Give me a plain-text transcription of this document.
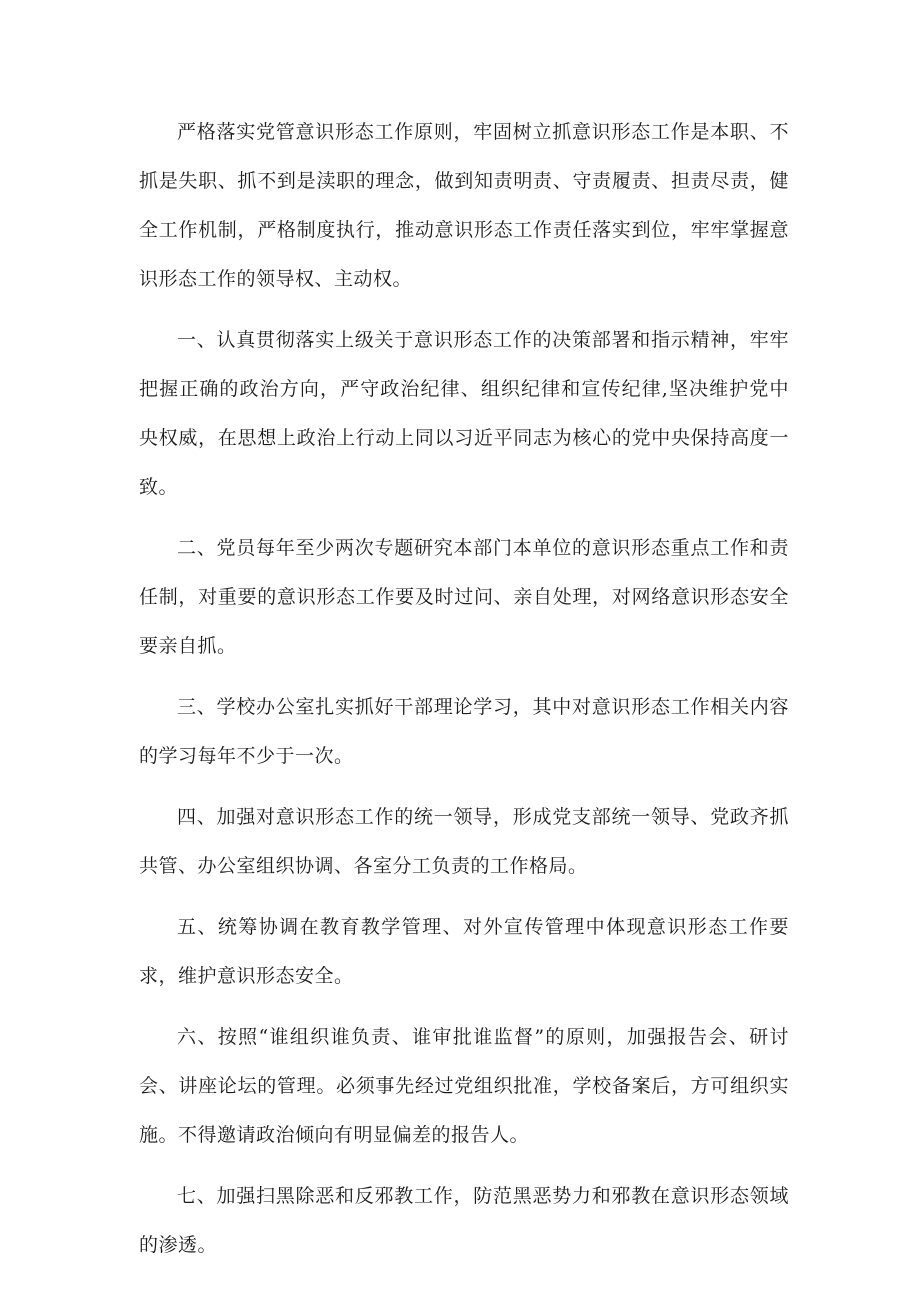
严格落实党管意识形态工作原则，牢固树立抓意识形态工作是本职、不抓是失职、抓不到是渎职的理念，做到知责明责、守责履责、担责尽责，健全工作机制，严格制度执行，推动意识形态工作责任落实到位，牢牢掌握意识形态工作的领导权、主动权。

一、认真贯彻落实上级关于意识形态工作的决策部署和指示精神，牢牢把握正确的政治方向，严守政治纪律、组织纪律和宣传纪律,坚决维护党中央权威，在思想上政治上行动上同以习近平同志为核心的党中央保持高度一致。

二、党员每年至少两次专题研究本部门本单位的意识形态重点工作和责任制，对重要的意识形态工作要及时过问、亲自处理，对网络意识形态安全要亲自抓。

三、学校办公室扎实抓好干部理论学习，其中对意识形态工作相关内容的学习每年不少于一次。

四、加强对意识形态工作的统一领导，形成党支部统一领导、党政齐抓共管、办公室组织协调、各室分工负责的工作格局。

五、统筹协调在教育教学管理、对外宣传管理中体现意识形态工作要求，维护意识形态安全。

六、按照“谁组织谁负责、谁审批谁监督”的原则，加强报告会、研讨会、讲座论坛的管理。必须事先经过党组织批准，学校备案后，方可组织实施。不得邀请政治倾向有明显偏差的报告人。

七、加强扫黑除恶和反邪教工作，防范黑恶势力和邪教在意识形态领域的渗透。
